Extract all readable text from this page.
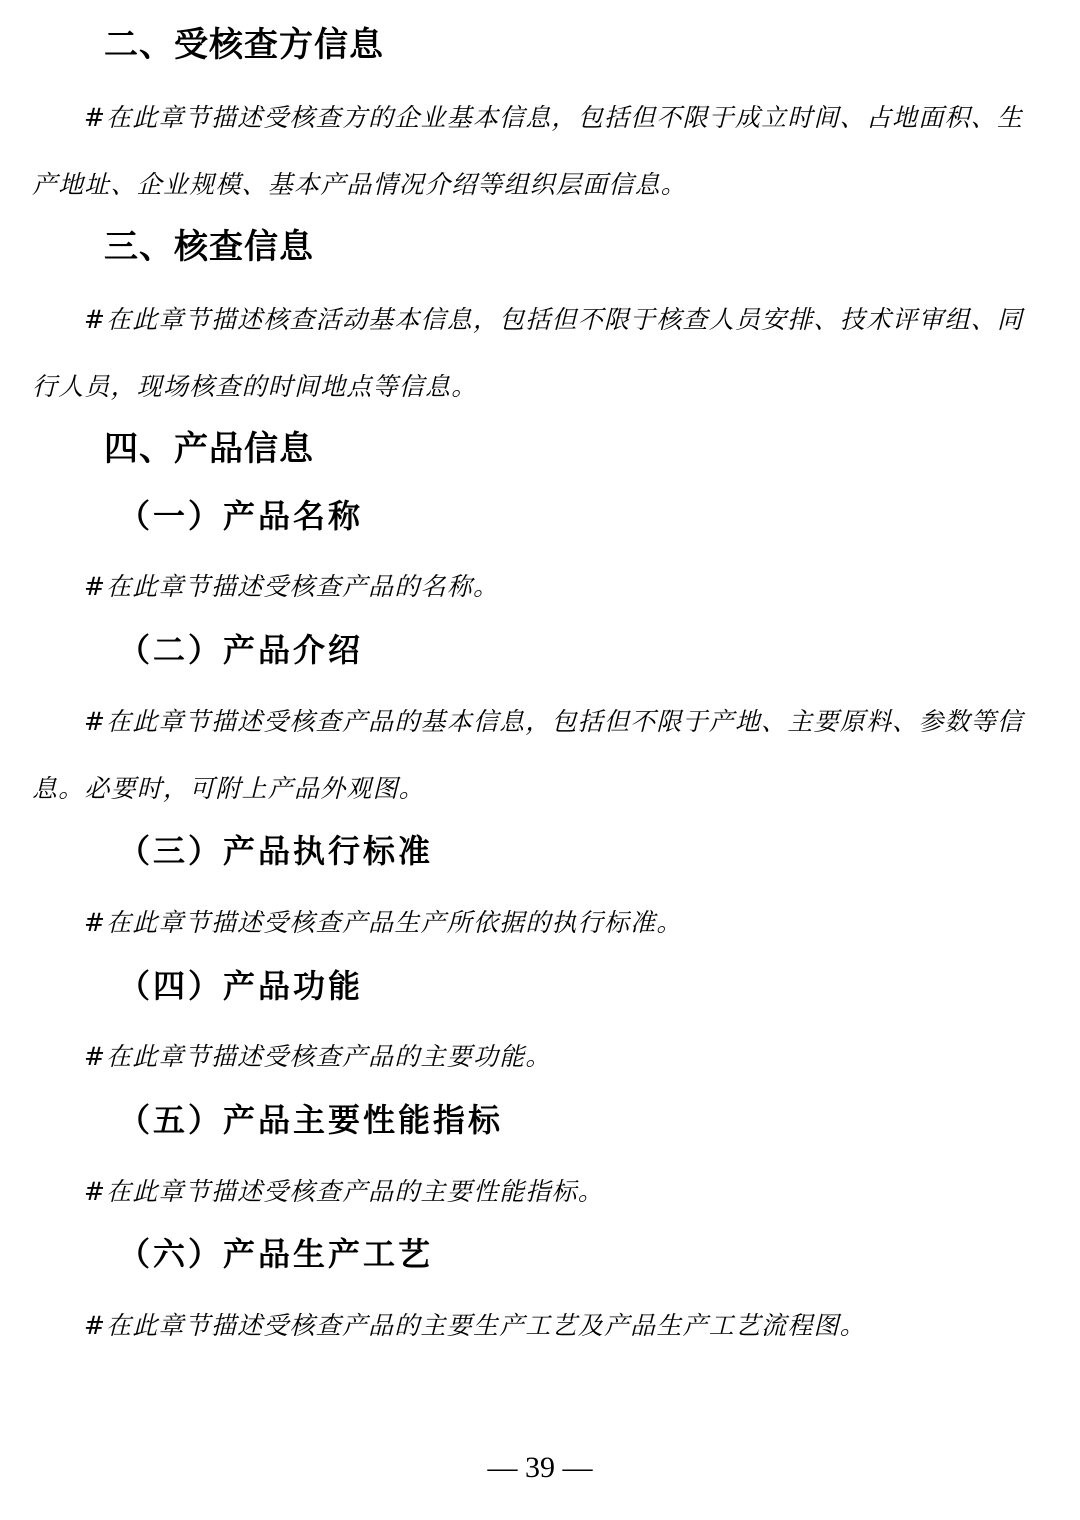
二、受核查方信息

#在此章节描述受核查方的企业基本信息，包括但不限于成立时间、占地面积、生产地址、企业规模、基本产品情况介绍等组织层面信息。

三、核查信息

#在此章节描述核查活动基本信息，包括但不限于核查人员安排、技术评审组、同行人员，现场核查的时间地点等信息。

四、产品信息
（一）产品名称

#在此章节描述受核查产品的名称。

（二）产品介绍

#在此章节描述受核查产品的基本信息，包括但不限于产地、主要原料、参数等信息。必要时，可附上产品外观图。

（三）产品执行标准

#在此章节描述受核查产品生产所依据的执行标准。

（四）产品功能

#在此章节描述受核查产品的主要功能。

（五）产品主要性能指标

#在此章节描述受核查产品的主要性能指标。

（六）产品生产工艺

#在此章节描述受核查产品的主要生产工艺及产品生产工艺流程图。

— 39 —
